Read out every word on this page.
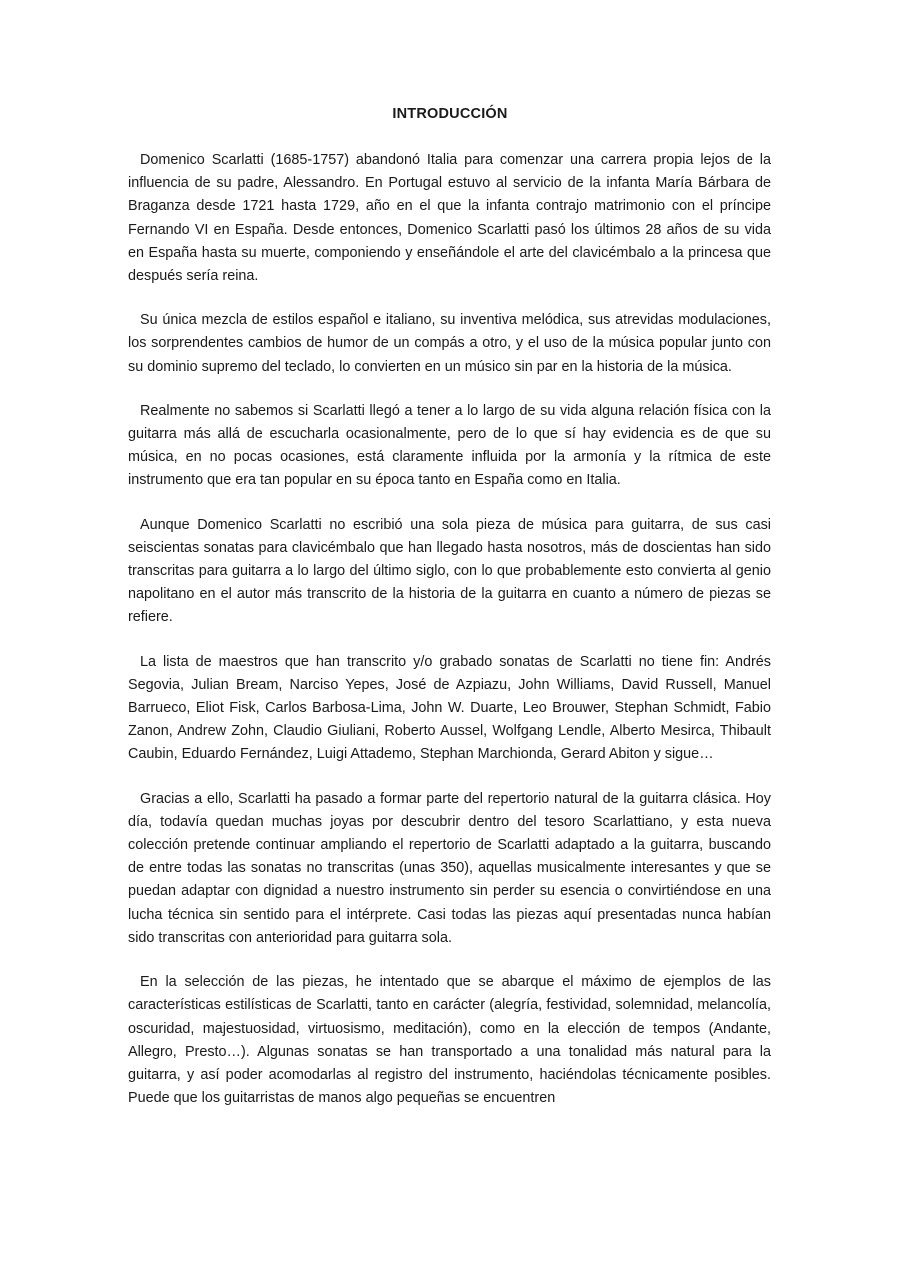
INTRODUCCIÓN

Domenico Scarlatti (1685-1757) abandonó Italia para comenzar una carrera propia lejos de la influencia de su padre, Alessandro. En Portugal estuvo al servicio de la infanta María Bárbara de Braganza desde 1721 hasta 1729, año en el que la infanta contrajo matrimonio con el príncipe Fernando VI en España. Desde entonces, Domenico Scarlatti pasó los últimos 28 años de su vida en España hasta su muerte, componiendo y enseñándole el arte del clavicémbalo a la princesa que después sería reina.

Su única mezcla de estilos español e italiano, su inventiva melódica, sus atrevidas modulaciones, los sorprendentes cambios de humor de un compás a otro, y el uso de la música popular junto con su dominio supremo del teclado, lo convierten en un músico sin par en la historia de la música.

Realmente no sabemos si Scarlatti llegó a tener a lo largo de su vida alguna relación física con la guitarra más allá de escucharla ocasionalmente, pero de lo que sí hay evidencia es de que su música, en no pocas ocasiones, está claramente influida por la armonía y la rítmica de este instrumento que era tan popular en su época tanto en España como en Italia.

Aunque Domenico Scarlatti no escribió una sola pieza de música para guitarra, de sus casi seiscientas sonatas para clavicémbalo que han llegado hasta nosotros, más de doscientas han sido transcritas para guitarra a lo largo del último siglo, con lo que probablemente esto convierta al genio napolitano en el autor más transcrito de la historia de la guitarra en cuanto a número de piezas se refiere.

La lista de maestros que han transcrito y/o grabado sonatas de Scarlatti no tiene fin: Andrés Segovia, Julian Bream, Narciso Yepes, José de Azpiazu, John Williams, David Russell, Manuel Barrueco, Eliot Fisk, Carlos Barbosa-Lima, John W. Duarte, Leo Brouwer, Stephan Schmidt, Fabio Zanon, Andrew Zohn, Claudio Giuliani, Roberto Aussel, Wolfgang Lendle, Alberto Mesirca, Thibault Caubin, Eduardo Fernández, Luigi Attademo, Stephan Marchionda, Gerard Abiton y sigue…

Gracias a ello, Scarlatti ha pasado a formar parte del repertorio natural de la guitarra clásica. Hoy día, todavía quedan muchas joyas por descubrir dentro del tesoro Scarlattiano, y esta nueva colección pretende continuar ampliando el repertorio de Scarlatti adaptado a la guitarra, buscando de entre todas las sonatas no transcritas (unas 350), aquellas musicalmente interesantes y que se puedan adaptar con dignidad a nuestro instrumento sin perder su esencia o convirtiéndose en una lucha técnica sin sentido para el intérprete. Casi todas las piezas aquí presentadas nunca habían sido transcritas con anterioridad para guitarra sola.

En la selección de las piezas, he intentado que se abarque el máximo de ejemplos de las características estilísticas de Scarlatti, tanto en carácter (alegría, festividad, solemnidad, melancolía, oscuridad, majestuosidad, virtuosismo, meditación), como en la elección de tempos (Andante, Allegro, Presto…). Algunas sonatas se han transportado a una tonalidad más natural para la guitarra, y así poder acomodarlas al registro del instrumento, haciéndolas técnicamente posibles. Puede que los guitarristas de manos algo pequeñas se encuentren
